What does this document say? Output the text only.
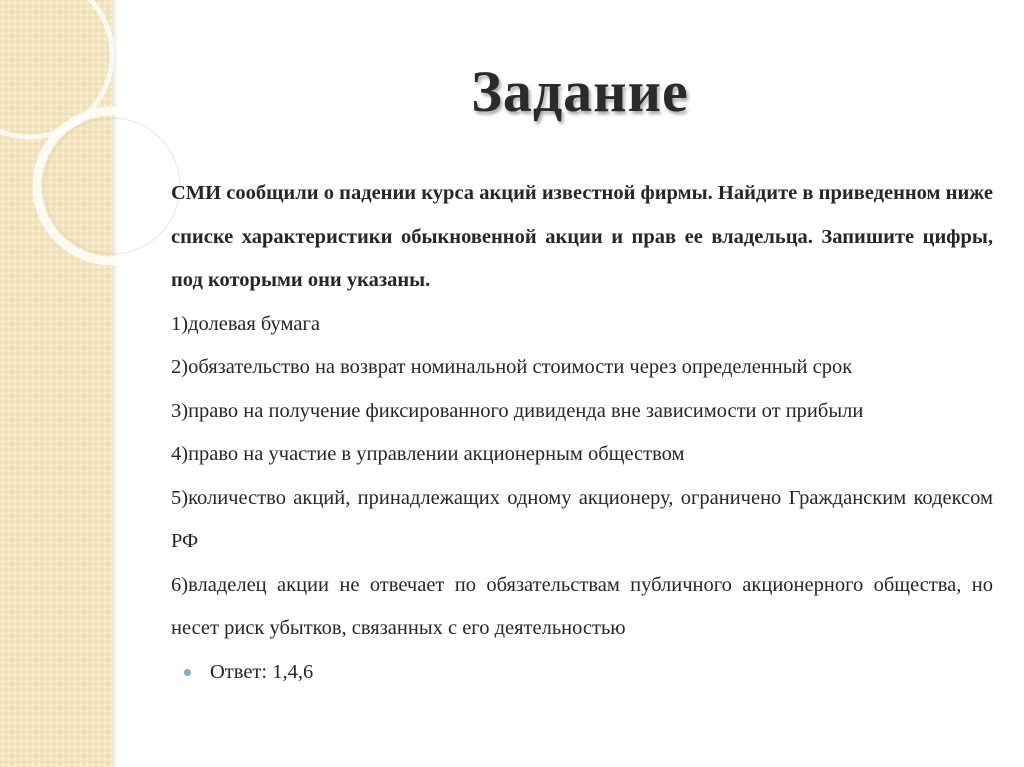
Задание

СМИ сообщили о падении курса акций известной фирмы. Найдите в приведенном ниже списке характеристики обыкновенной акции и прав ее владельца. Запишите цифры, под которыми они указаны.

1)долевая бумага

2)обязательство на возврат номинальной стоимости через определенный срок

3)право на получение фиксированного дивиденда вне зависимости от прибыли

4)право на участие в управлении акционерным обществом

5)количество акций, принадлежащих одному акционеру, ограничено Гражданским кодексом РФ

6)владелец акции не отвечает по обязательствам публичного акционерного общества, но несет риск убытков, связанных с его деятельностью

Ответ: 1,4,6
